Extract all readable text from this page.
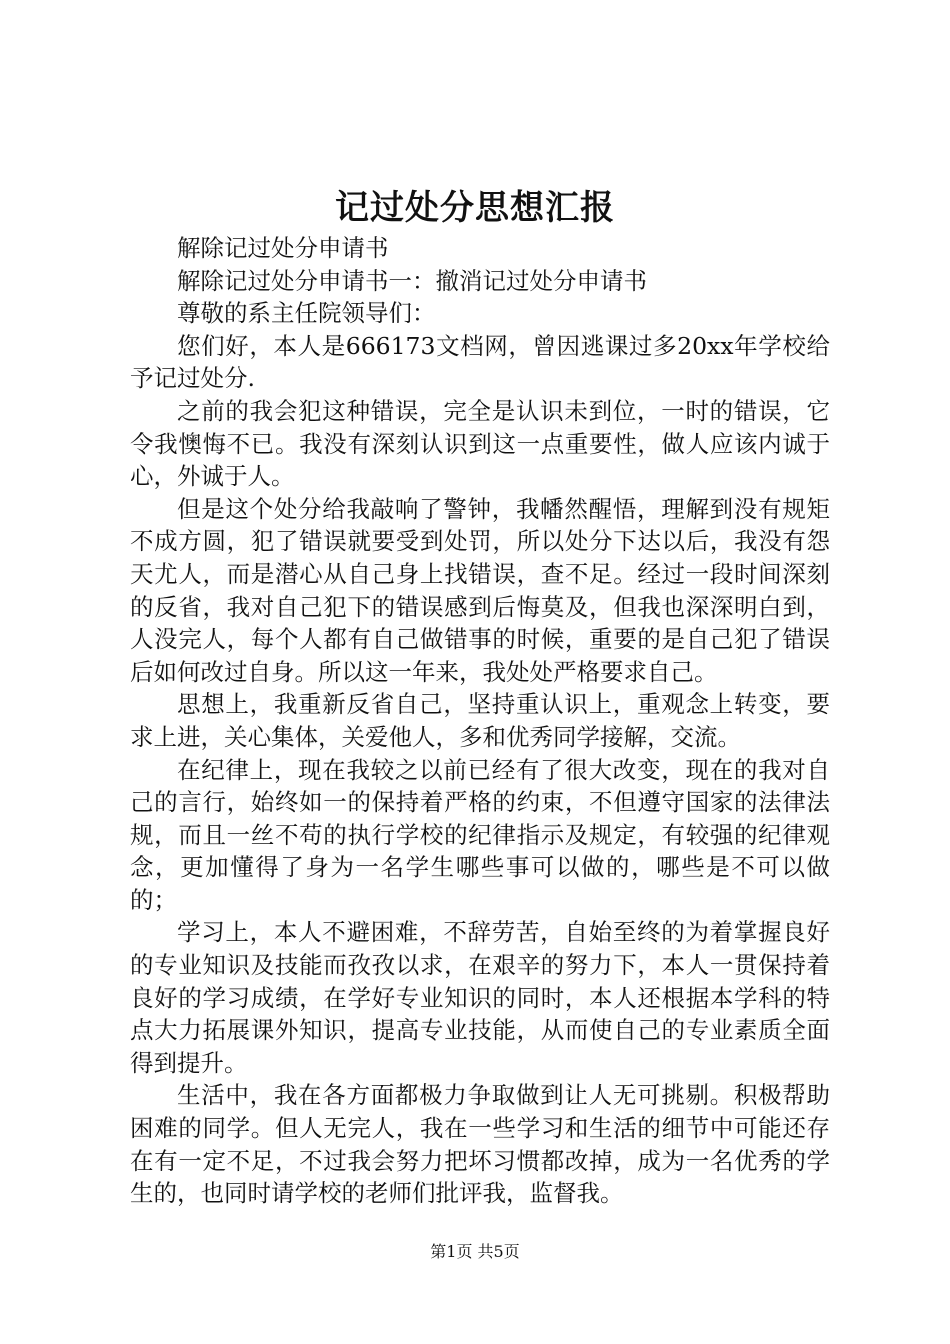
记过处分思想汇报

解除记过处分申请书

解除记过处分申请书一：撤消记过处分申请书

尊敬的系主任院领导们：

您们好，本人是666173文档网，曾因逃课过多20xx年学校给予记过处分.

之前的我会犯这种错误，完全是认识未到位，一时的错误，它令我懊悔不已。我没有深刻认识到这一点重要性，做人应该内诚于心，外诚于人。

但是这个处分给我敲响了警钟，我幡然醒悟，理解到没有规矩不成方圆，犯了错误就要受到处罚，所以处分下达以后，我没有怨天尤人，而是潜心从自己身上找错误，查不足。经过一段时间深刻的反省，我对自己犯下的错误感到后悔莫及，但我也深深明白到，人没完人，每个人都有自己做错事的时候，重要的是自己犯了错误后如何改过自身。所以这一年来，我处处严格要求自己。

思想上，我重新反省自己，坚持重认识上，重观念上转变，要求上进，关心集体，关爱他人，多和优秀同学接解，交流。

在纪律上，现在我较之以前已经有了很大改变，现在的我对自己的言行，始终如一的保持着严格的约束，不但遵守国家的法律法规，而且一丝不苟的执行学校的纪律指示及规定，有较强的纪律观念，更加懂得了身为一名学生哪些事可以做的，哪些是不可以做的；

学习上，本人不避困难，不辞劳苦，自始至终的为着掌握良好的专业知识及技能而孜孜以求，在艰辛的努力下，本人一贯保持着良好的学习成绩，在学好专业知识的同时，本人还根据本学科的特点大力拓展课外知识，提高专业技能，从而使自己的专业素质全面得到提升。

生活中，我在各方面都极力争取做到让人无可挑剔。积极帮助困难的同学。但人无完人，我在一些学习和生活的细节中可能还存在有一定不足，不过我会努力把坏习惯都改掉，成为一名优秀的学生的，也同时请学校的老师们批评我，监督我。

第1页 共5页
